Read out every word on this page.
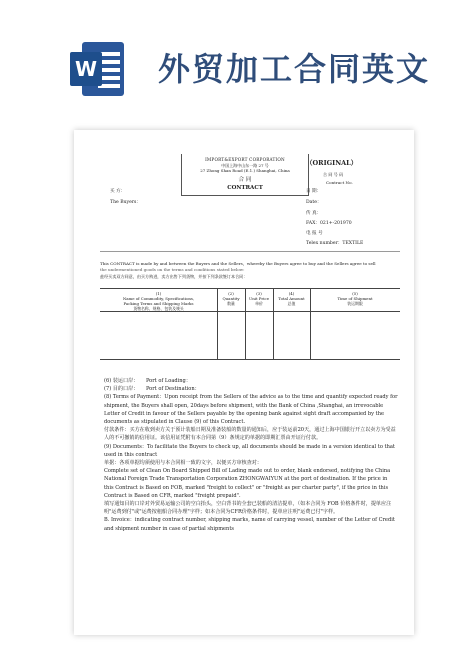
W 外贸加工合同英文
IMPORT&EXPORT CORPORATION
中国上海中山东一路 27 号
27 Zhong Shan Road (E.1.) Shanghai, China
合 同
CONTRACT
（ORIGINAL）
合 同 号 码
Contract No.
买 方：
The Buyers：
日 期：
Date：
传 真：
FAX：021+-201970
电 报 号
Telex number：TEXTILE
This CONTRACT is made by and between the Buyers and the Sellers，whereby the Buyers agree to buy and the Sellers agree to sell
the undermentioned goods on the terms and conditions stated below:
兹经买卖双方同意，由买方购进，卖方出售下列货物，并按下列条款签订本合同：
(1)
Name of Commodity, Specifications,
Packing Terms and Shipping Marks
货物名称、规格、包装及唛头
(2)
Quantity
数量
(3)
Unit Price
单价
(4)
Total Amount
总值
(5)
Time of Shipment
装运期限

(6) 装运口岸：　　Port of Loading：

(7) 目的口岸：　　Port of Destination：

(8) Terms of Payment：Upon receipt from the Sellers of the advice as to the time and quantify expected ready for shipment, the Buyers shall open, 20days before shipment, with the Bank of China ,Shanghai, an irrevocable Letter of Credit in favour of the Sellers payable by the opening bank against sight draft accompanied by the documents as stipulated in Clause (9) of this Contract.

付款条件：买方在收到卖方关于预计装船日期及准备装船的数量的通知后，应于装运前20天，通过上海中国银行开立以卖方为受益人的不可撤销的信用证。该信用证凭附有本合同第（9）条规定的单据的即期汇票由开证行付款。

(9) Documents：To facilitate the Buyers to check up, all documents should be made in a version identical to that used in this contract

单据：各项单据均须使用与本合同相一致的文字，以便买方审核查对：

Complete set of Clean On Board Shipped Bill of Lading made out to order, blank endorsed, notifying the China National Foreign Trade Transportation Corporation ZHONGWAIYUN at the port of destination. If the price in this Contract is Based on FOB, marked "freight to collect" or "freight as per charter party", if the price in this Contract is Based on CFR, marked "freight prepaid".

填写通知目的口岸对外贸易运输公司的空白抬头，空白背书的全套已装船的清洁提单，（如本合同为 FOB 价格条件时，提单应注明"运费到付"或"运费按租船合同办理"字样；如本合同为CFR价格条件时，提单应注明"运费已付"字样。

B. Invoice：indicating contract number, shipping marks, name of carrying vessel, number of the Letter of Credit and shipment number in case of partial shipments
